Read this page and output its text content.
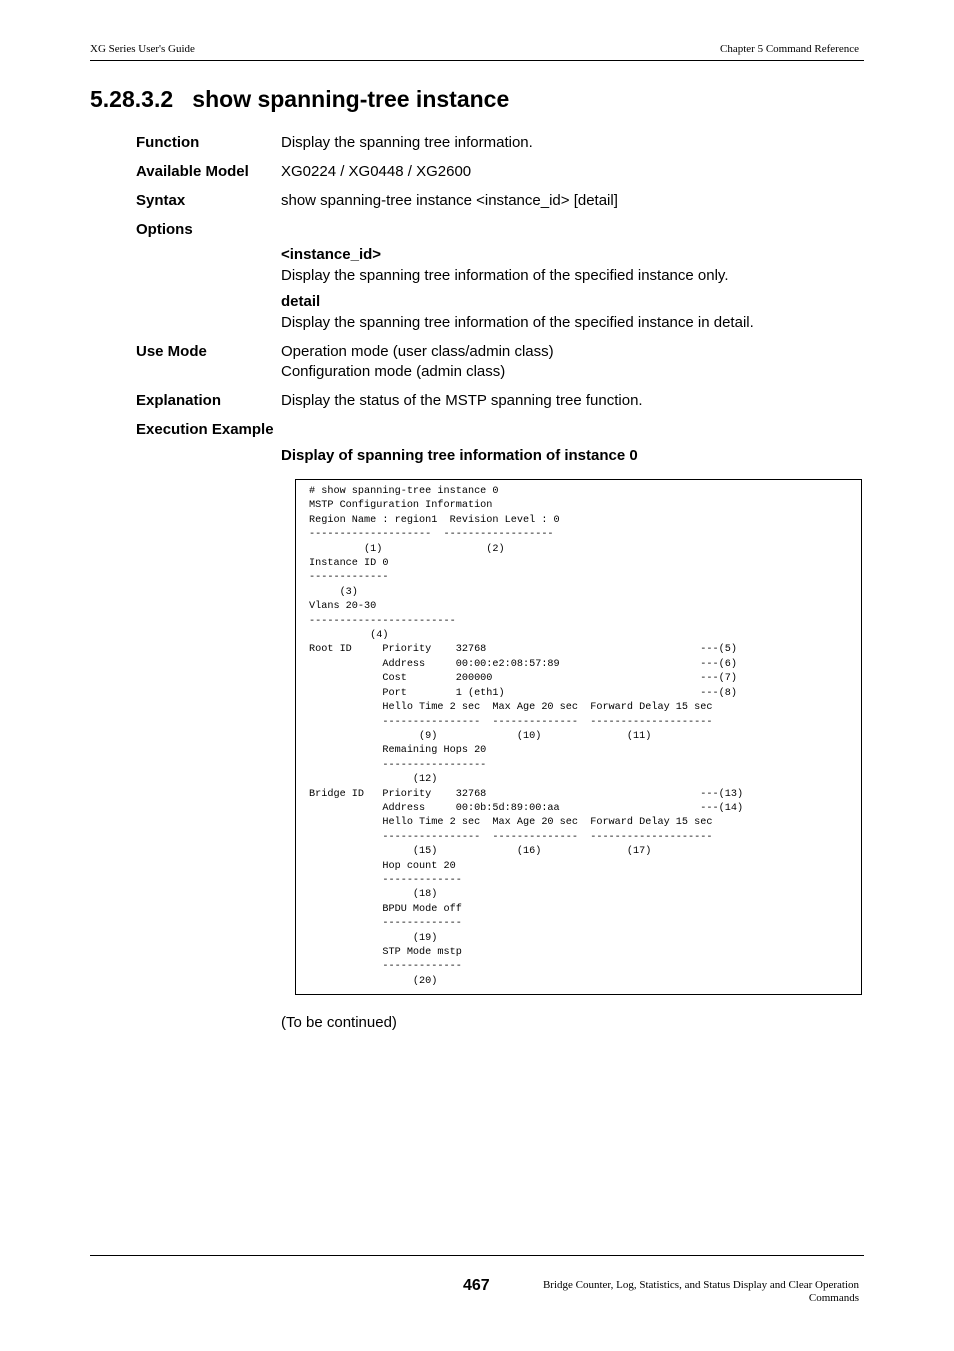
XG Series User's Guide	Chapter 5 Command Reference
5.28.3.2   show spanning-tree instance
Function	Display the spanning tree information.
Available Model XG0224 / XG0448 / XG2600
Syntax	show spanning-tree instance <instance_id> [detail]
Options
<instance_id>
Display the spanning tree information of the specified instance only.
detail
Display the spanning tree information of the specified instance in detail.
Use Mode	Operation mode (user class/admin class)
Configuration mode (admin class)
Explanation	Display the status of the MSTP spanning tree function.
Execution Example
Display of spanning tree information of instance 0
# show spanning-tree instance 0
MSTP Configuration Information
Region Name : region1  Revision Level : 0
--------------------  ------------------
(1)                 (2)
Instance ID 0
-------------
(3)
Vlans 20-30
------------------------
(4)
Root ID     Priority    32768                                   ---(5)
Address     00:00:e2:08:57:89                       ---(6)
Cost        200000                                  ---(7)
Port        1 (eth1)                                ---(8)
Hello Time 2 sec  Max Age 20 sec  Forward Delay 15 sec
----------------  --------------  --------------------
(9)             (10)              (11)
Remaining Hops 20
-----------------
(12)
Bridge ID   Priority    32768                                   ---(13)
Address     00:0b:5d:89:00:aa                       ---(14)
Hello Time 2 sec  Max Age 20 sec  Forward Delay 15 sec
----------------  --------------  --------------------
(15)             (16)              (17)
Hop count 20
-------------
(18)
BPDU Mode off
-------------
(19)
STP Mode mstp
-------------
(20)
(To be continued)
467	Bridge Counter, Log, Statistics, and Status Display and Clear Operation
Commands
